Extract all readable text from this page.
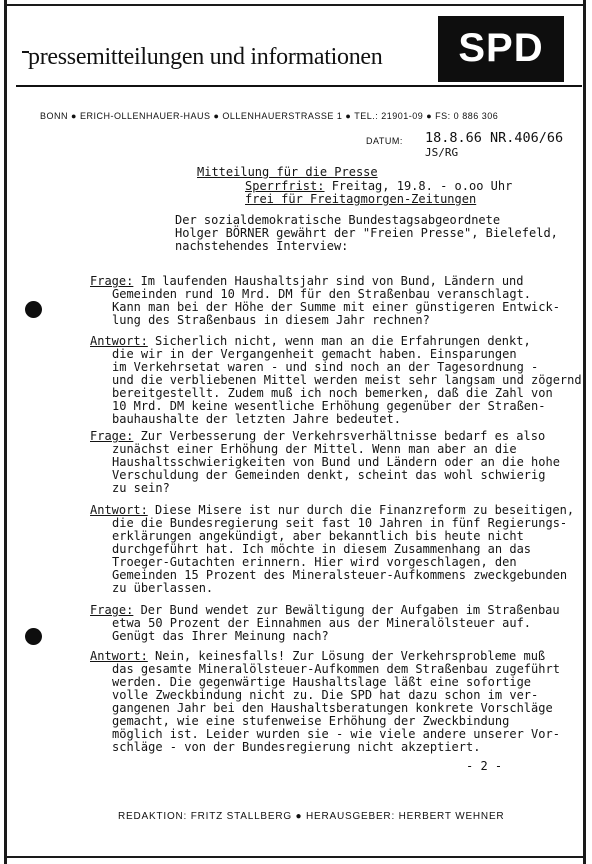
pressemitteilungen und informationen	SPD
BONN ● ERICH-OLLENHAUER-HAUS ● OLLENHAUERSTRASSE 1 ● TEL.: 21901-09 ● FS: 0 886 306
DATUM: 18.8.66 NR.406/66
JS/RG
Mitteilung für die Presse
Sperrfrist: Freitag, 19.8. - o.oo Uhr
frei für Freitagmorgen-Zeitungen
Der sozialdemokratische Bundestagsabgeordnete
Holger BÖRNER gewährt der "Freien Presse", Bielefeld,
nachstehendes Interview:
Frage: Im laufenden Haushaltsjahr sind von Bund, Ländern und
Gemeinden rund 10 Mrd. DM für den Straßenbau veranschlagt.
Kann man bei der Höhe der Summe mit einer günstigeren Entwick-
lung des Straßenbaus in diesem Jahr rechnen?
Antwort: Sicherlich nicht, wenn man an die Erfahrungen denkt,
die wir in der Vergangenheit gemacht haben. Einsparungen
im Verkehrsetat waren - und sind noch an der Tagesordnung -
und die verbliebenen Mittel werden meist sehr langsam und zögernd
bereitgestellt. Zudem muß ich noch bemerken, daß die Zahl von
10 Mrd. DM keine wesentliche Erhöhung gegenüber der Straßen-
bauhaushalte der letzten Jahre bedeutet.
Frage: Zur Verbesserung der Verkehrsverhältnisse bedarf es also
zunächst einer Erhöhung der Mittel. Wenn man aber an die
Haushaltsschwierigkeiten von Bund und Ländern oder an die hohe
Verschuldung der Gemeinden denkt, scheint das wohl schwierig
zu sein?
Antwort: Diese Misere ist nur durch die Finanzreform zu beseitigen,
die die Bundesregierung seit fast 10 Jahren in fünf Regierungs-
erklärungen angekündigt, aber bekanntlich bis heute nicht
durchgeführt hat. Ich möchte in diesem Zusammenhang an das
Troeger-Gutachten erinnern. Hier wird vorgeschlagen, den
Gemeinden 15 Prozent des Mineralsteuer-Aufkommens zweckgebunden
zu überlassen.
Frage: Der Bund wendet zur Bewältigung der Aufgaben im Straßenbau
etwa 50 Prozent der Einnahmen aus der Mineralölsteuer auf.
Genügt das Ihrer Meinung nach?
Antwort: Nein, keinesfalls! Zur Lösung der Verkehrsprobleme muß
das gesamte Mineralölsteuer-Aufkommen dem Straßenbau zugeführt
werden. Die gegenwärtige Haushaltslage läßt eine sofortige
volle Zweckbindung nicht zu. Die SPD hat dazu schon im ver-
gangenen Jahr bei den Haushaltsberatungen konkrete Vorschläge
gemacht, wie eine stufenweise Erhöhung der Zweckbindung
möglich ist. Leider wurden sie - wie viele andere unserer Vor-
schläge - von der Bundesregierung nicht akzeptiert.
- 2 -
REDAKTION: FRITZ STALLBERG ● HERAUSGEBER: HERBERT WEHNER
